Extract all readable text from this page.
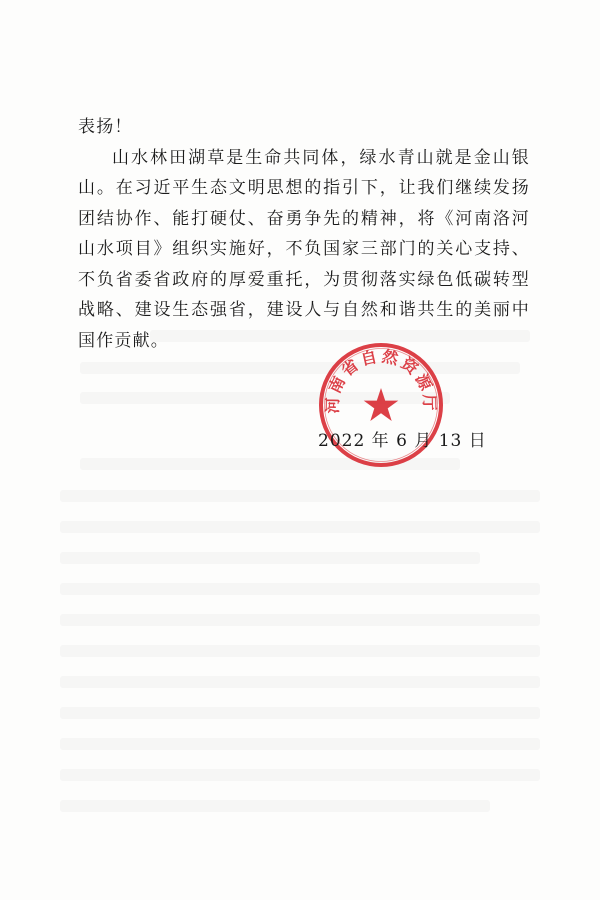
表扬！

山水林田湖草是生命共同体，绿水青山就是金山银山。在习近平生态文明思想的指引下，让我们继续发扬团结协作、能打硬仗、奋勇争先的精神，将《河南洛河山水项目》组织实施好，不负国家三部门的关心支持、不负省委省政府的厚爱重托，为贯彻落实绿色低碳转型战略、建设生态强省，建设人与自然和谐共生的美丽中国作贡献。

河南省自然资源厅
2022 年 6 月 13 日
